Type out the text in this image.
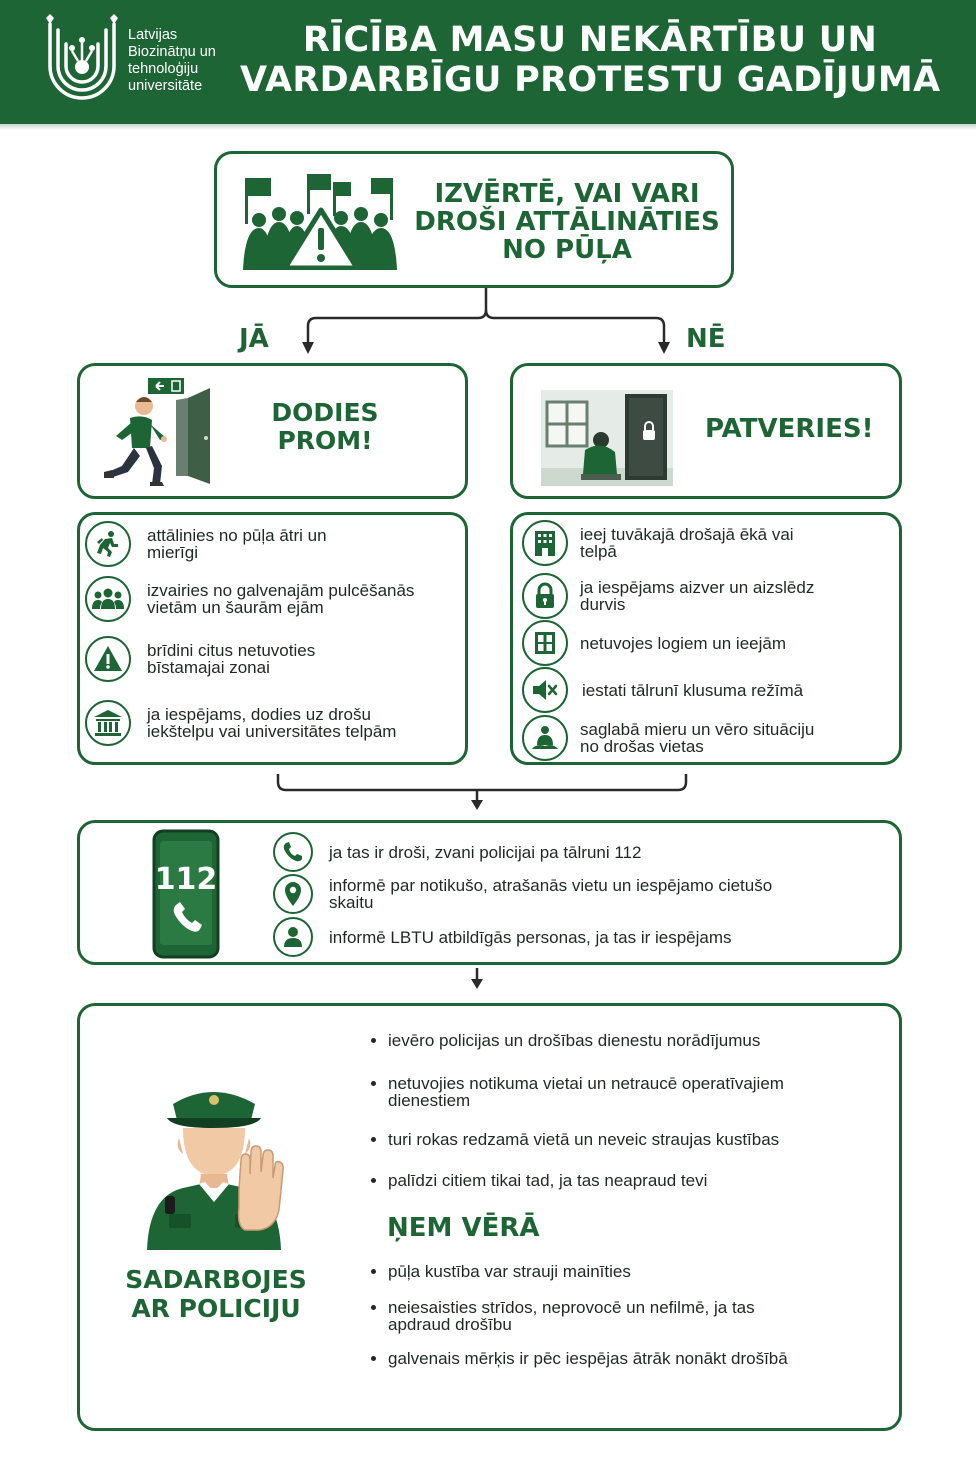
Latvijas
Biozinātņu un
tehnoloģiju
universitāte
RĪCĪBA MASU NEKĀRTĪBU UN
VARDARBĪGU PROTESTU GADĪJUMĀ
IZVĒRTĒ, VAI VARI
DROŠI ATTĀLINĀTIES
NO PŪĻA
JĀ	NĒ
DODIES
PROM!	PATVERIES!
attālinies no pūļa ātri un
mierīgi
izvairies no galvenajām pulcēšanās
vietām un šaurām ejām
brīdini citus netuvoties
bīstamajai zonai
ja iespējams, dodies uz drošu
iekštelpu vai universitātes telpām
ieej tuvākajā drošajā ēkā vai
telpā
ja iespējams aizver un aizslēdz
durvis
netuvojes logiem un ieejām
iestati tālrunī klusuma režīmā
saglabā mieru un vēro situāciju
no drošas vietas
112
ja tas ir droši, zvani policijai pa tālruni 112
informē par notikušo, atrašanās vietu un iespējamo cietušo
skaitu
informē LBTU atbildīgās personas, ja tas ir iespējams
SADARBOJES
AR POLICIJU
ievēro policijas un drošības dienestu norādījumus
netuvojies notikuma vietai un netraucē operatīvajiem
dienestiem
turi rokas redzamā vietā un neveic straujas kustības
palīdzi citiem tikai tad, ja tas neapraud tevi
ŅEM VĒRĀ
pūļa kustība var strauji mainīties
neiesaisties strīdos, neprovocē un nefilmē, ja tas
apdraud drošību
galvenais mērķis ir pēc iespējas ātrāk nonākt drošībā
